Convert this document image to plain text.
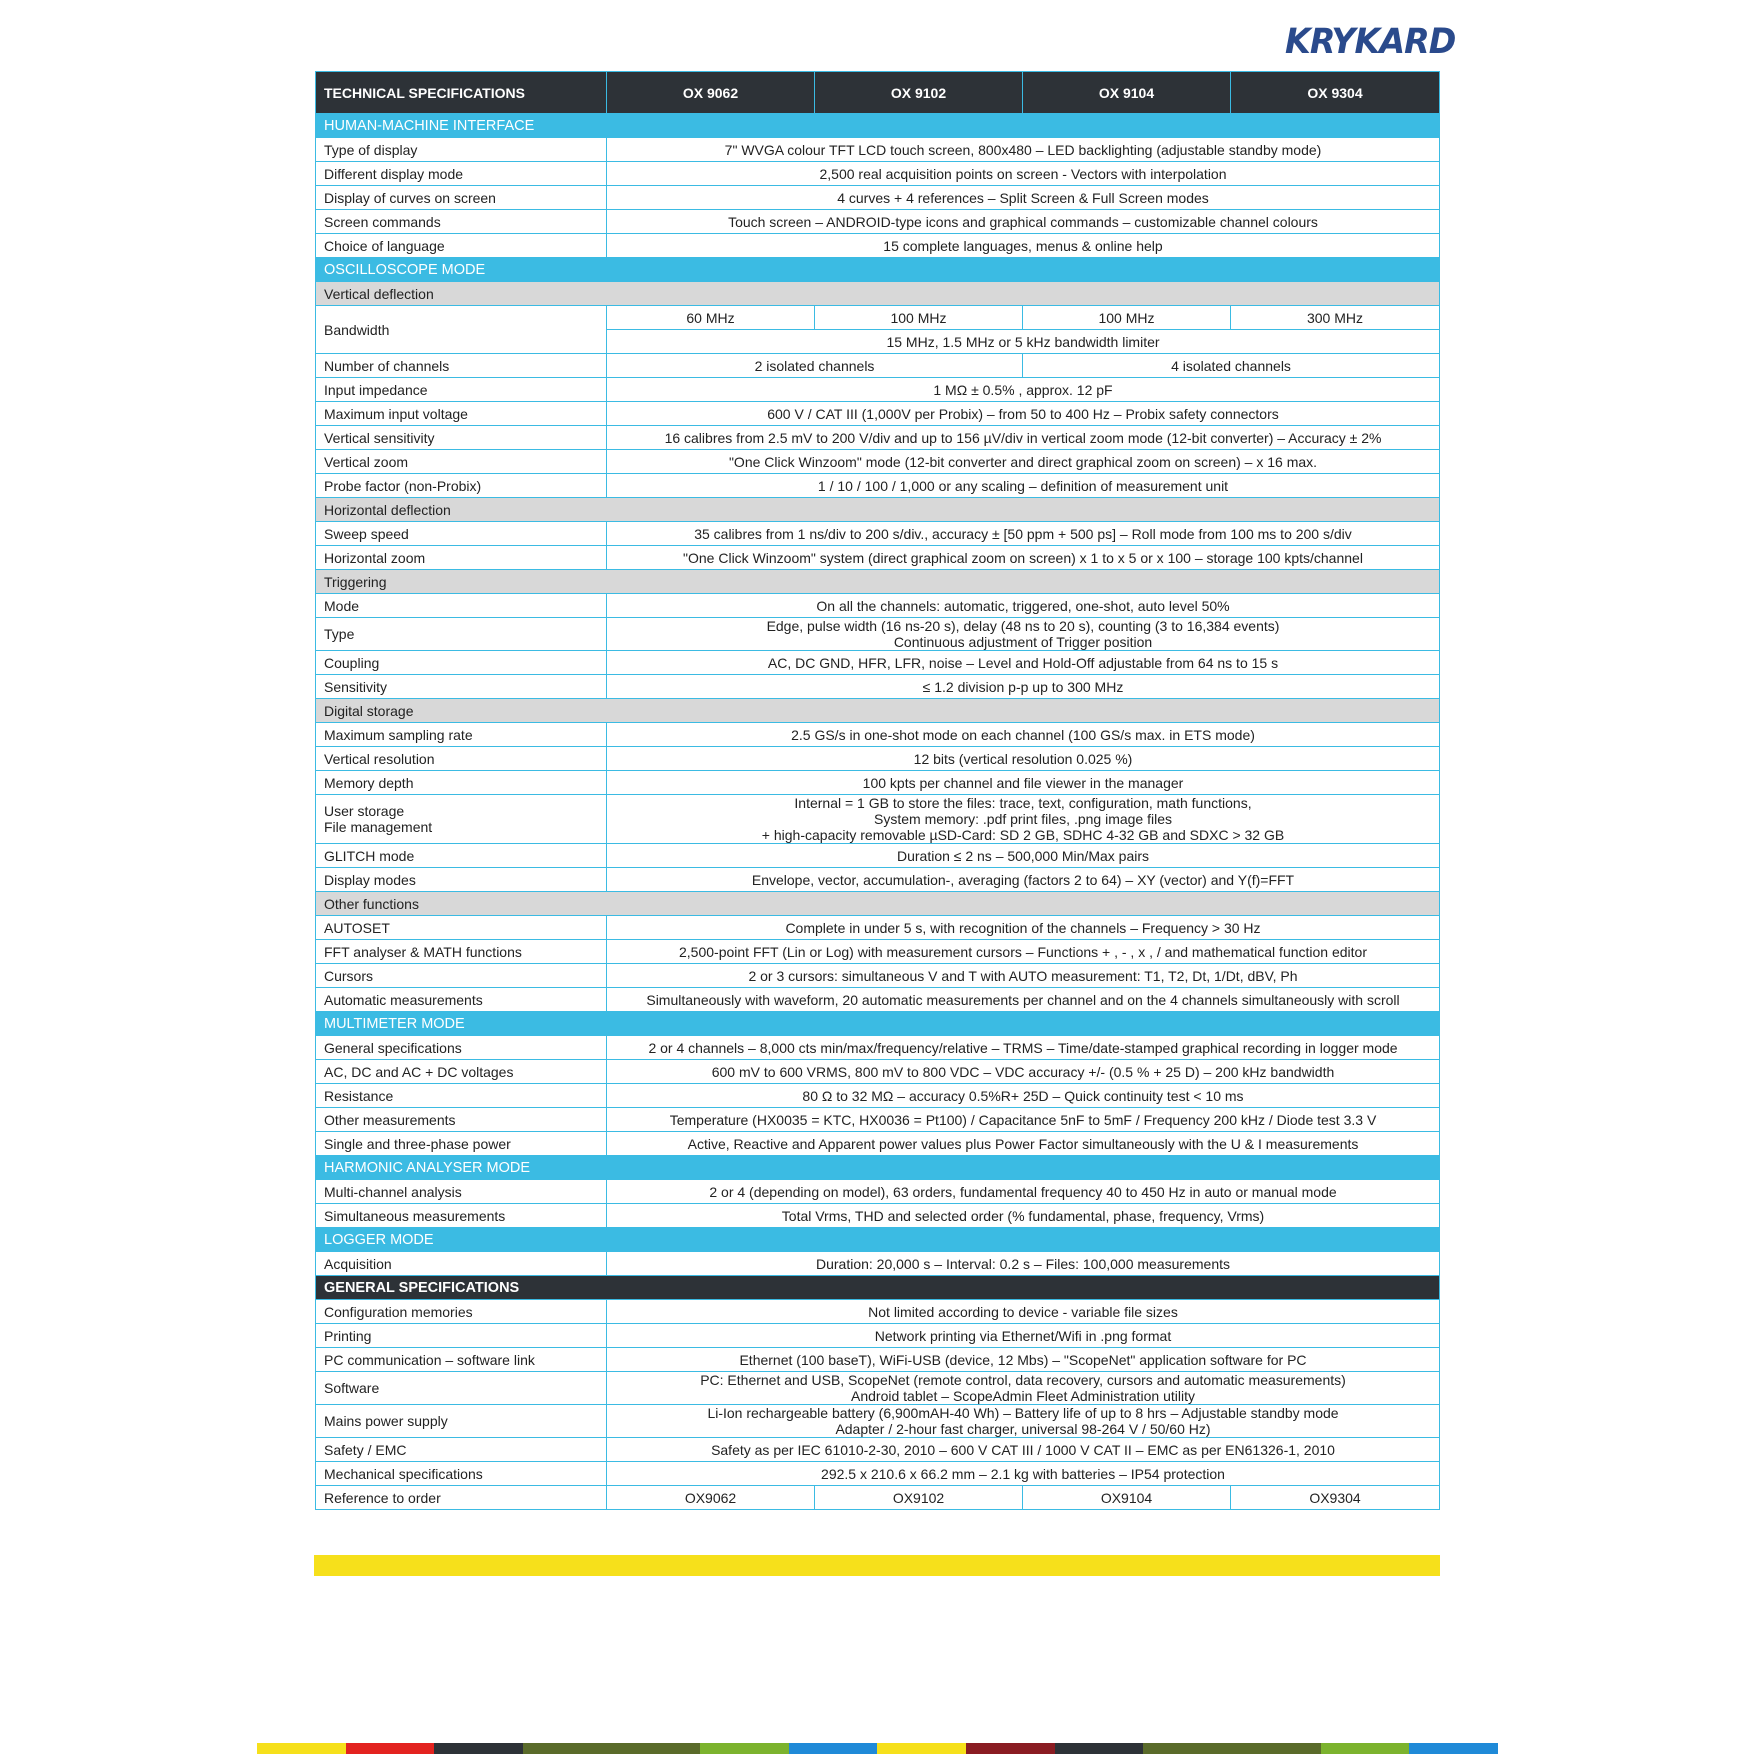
KRYKARD
TECHNICAL SPECIFICATIONS	OX 9062	OX 9102	OX 9104	OX 9304
HUMAN-MACHINE INTERFACE				
Type of display	7" WVGA colour TFT LCD touch screen, 800x480 – LED backlighting (adjustable standby mode)			
Different display mode	2,500 real acquisition points on screen - Vectors with interpolation			
Display of curves on screen	4 curves + 4 references – Split Screen & Full Screen modes			
Screen commands	Touch screen – ANDROID-type icons and graphical commands – customizable channel colours			
Choice of language	15 complete languages, menus & online help			
OSCILLOSCOPE MODE				
Vertical deflection				
Bandwidth	60 MHz	100 MHz	100 MHz	300 MHz
	15 MHz, 1.5 MHz or 5 kHz bandwidth limiter			
Number of channels	2 isolated channels		4 isolated channels	
Input impedance	1 MΩ ± 0.5% , approx. 12 pF			
Maximum input voltage	600 V / CAT III (1,000V per Probix) – from 50 to 400 Hz – Probix safety connectors			
Vertical sensitivity	16 calibres from 2.5 mV to 200 V/div and up to 156 µV/div in vertical zoom mode (12-bit converter) – Accuracy ± 2%			
Vertical zoom	"One Click Winzoom" mode (12-bit converter and direct graphical zoom on screen) – x 16 max.			
Probe factor (non-Probix)	1 / 10 / 100 / 1,000 or any scaling – definition of measurement unit			
Horizontal deflection				
Sweep speed	35 calibres from 1 ns/div to 200 s/div., accuracy ± [50 ppm + 500 ps] – Roll mode from 100 ms to 200 s/div			
Horizontal zoom	"One Click Winzoom" system (direct graphical zoom on screen) x 1 to x 5 or x 100 – storage 100 kpts/channel			
Triggering				
Mode	On all the channels: automatic, triggered, one-shot, auto level 50%			
Type	Edge, pulse width (16 ns-20 s), delay (48 ns to 20 s), counting (3 to 16,384 events)
Continuous adjustment of Trigger position			

Coupling	AC, DC GND, HFR, LFR, noise – Level and Hold-Off adjustable from 64 ns to 15 s			
Sensitivity	≤ 1.2 division p-p up to 300 MHz			
Digital storage				
Maximum sampling rate	2.5 GS/s in one-shot mode on each channel (100 GS/s max. in ETS mode)			
Vertical resolution	12 bits (vertical resolution 0.025 %)			
Memory depth	100 kpts per channel and file viewer in the manager			

User storage
File management	Internal = 1 GB to store the files: trace, text, configuration, math functions,
System memory: .pdf print files, .png image files
+ high-capacity removable µSD-Card: SD 2 GB, SDHC 4-32 GB and SDXC > 32 GB			

GLITCH mode	Duration ≤ 2 ns – 500,000 Min/Max pairs			
Display modes	Envelope, vector, accumulation-, averaging (factors 2 to 64) – XY (vector) and Y(f)=FFT			
Other functions				
AUTOSET	Complete in under 5 s, with recognition of the channels – Frequency > 30 Hz			
FFT analyser & MATH functions	2,500-point FFT (Lin or Log) with measurement cursors – Functions + , - , x , / and mathematical function editor			
Cursors	2 or 3 cursors: simultaneous V and T with AUTO measurement: T1, T2, Dt, 1/Dt, dBV, Ph			
Automatic measurements	Simultaneously with waveform, 20 automatic measurements per channel and on the 4 channels simultaneously with scroll			
MULTIMETER MODE				
General specifications	2 or 4 channels – 8,000 cts min/max/frequency/relative – TRMS – Time/date-stamped graphical recording in logger mode			
AC, DC and AC + DC voltages	600 mV to 600 VRMS, 800 mV to 800 VDC – VDC accuracy +/- (0.5 % + 25 D) – 200 kHz bandwidth			
Resistance	80 Ω to 32 MΩ – accuracy 0.5%R+ 25D – Quick continuity test < 10 ms			
Other measurements	Temperature (HX0035 = KTC, HX0036 = Pt100) / Capacitance 5nF to 5mF / Frequency 200 kHz / Diode test 3.3 V			
Single and three-phase power	Active, Reactive and Apparent power values plus Power Factor simultaneously with the U & I measurements			
HARMONIC ANALYSER MODE				
Multi-channel analysis	2 or 4 (depending on model), 63 orders, fundamental frequency 40 to 450 Hz in auto or manual mode			
Simultaneous measurements	Total Vrms, THD and selected order (% fundamental, phase, frequency, Vrms)			
LOGGER MODE				
Acquisition	Duration: 20,000 s – Interval: 0.2 s – Files: 100,000 measurements			
GENERAL SPECIFICATIONS				
Configuration memories	Not limited according to device - variable file sizes			
Printing	Network printing via Ethernet/Wifi in .png format			
PC communication – software link	Ethernet (100 baseT), WiFi-USB (device, 12 Mbs) – "ScopeNet" application software for PC			
Software	PC: Ethernet and USB, ScopeNet (remote control, data recovery, cursors and automatic measurements)
Android tablet – ScopeAdmin Fleet Administration utility			

Mains power supply	Li-Ion rechargeable battery (6,900mAH-40 Wh) – Battery life of up to 8 hrs – Adjustable standby mode
Adapter / 2-hour fast charger, universal 98-264 V / 50/60 Hz)			

Safety / EMC	Safety as per IEC 61010-2-30, 2010 – 600 V CAT III / 1000 V CAT II – EMC as per EN61326-1, 2010			
Mechanical specifications	292.5 x 210.6 x 66.2 mm – 2.1 kg with batteries – IP54 protection			
Reference to order	OX9062	OX9102	OX9104	OX9304
